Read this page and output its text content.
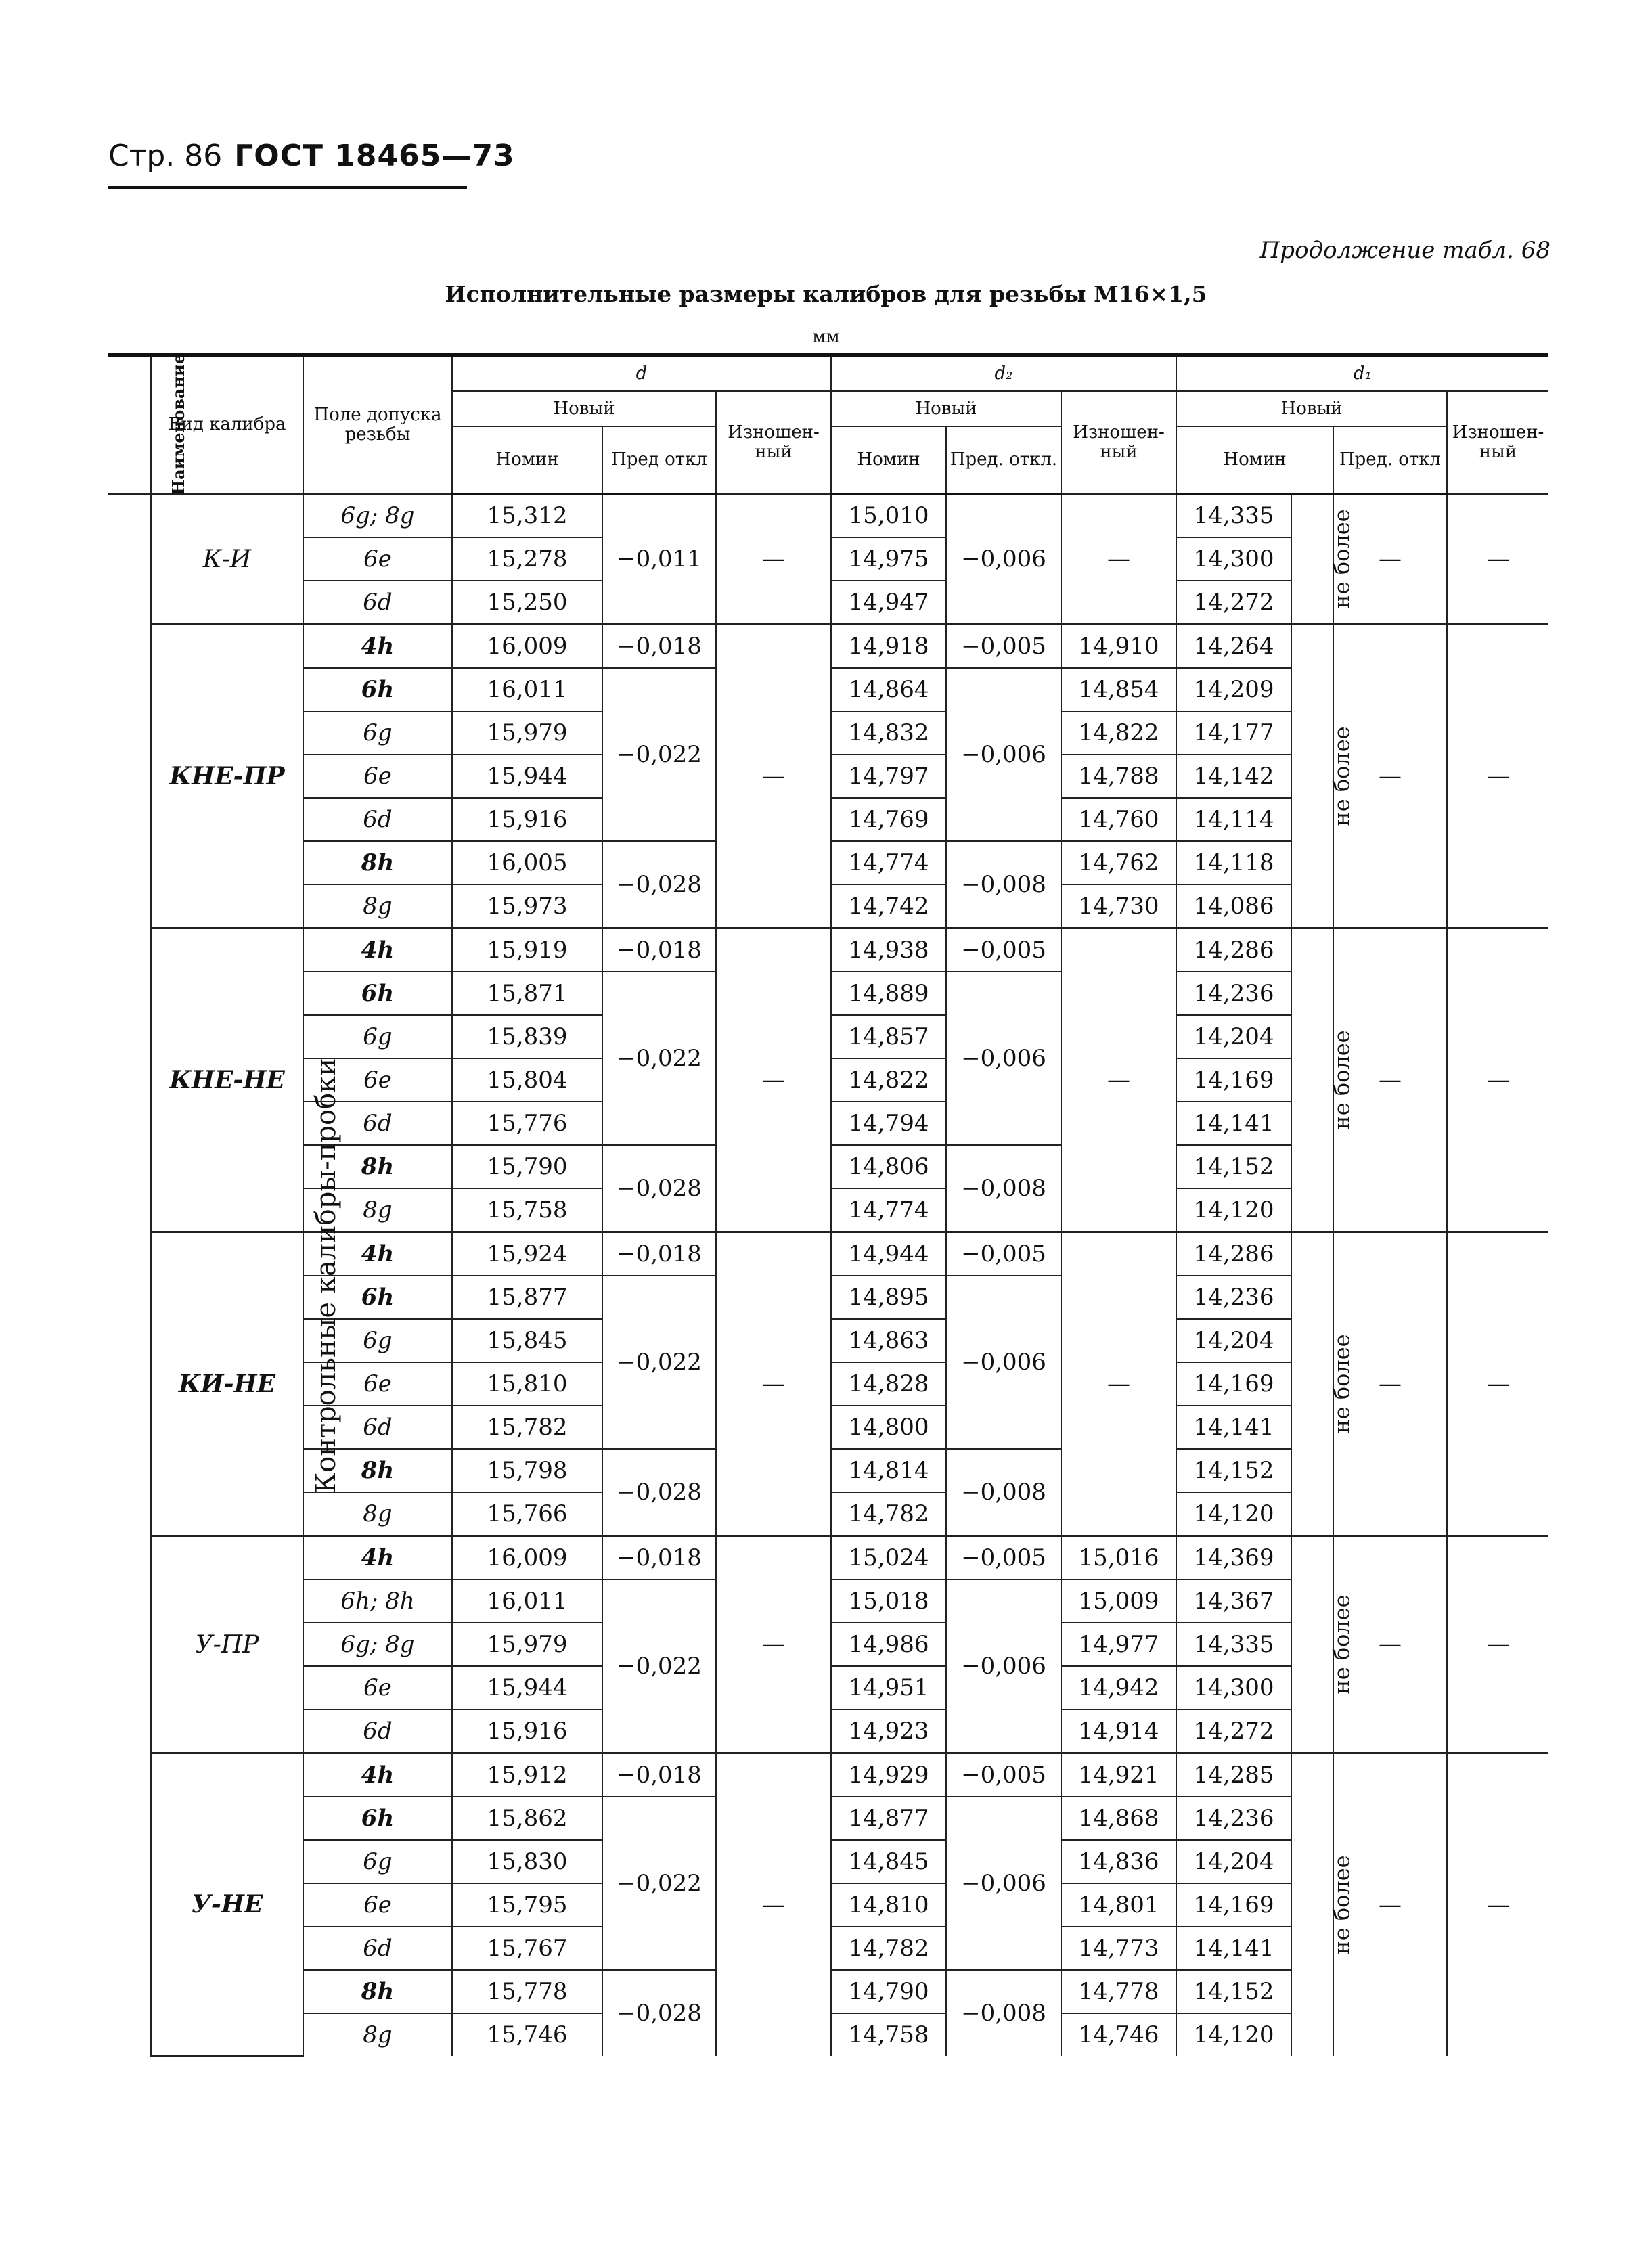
Стр. 86 ГОСТ 18465—73
Продолжение табл. 68
Исполнительные размеры калибров для резьбы M16×1,5
мм
Наименование	Вид калибра	Поле допуска резьбы	d			d₂			d₁			
			Новый		Изношен-ный	Новый		Изношен-ный	Новый			Изношен-ный
			Номин	Пред откл		Номин	Пред. откл.		Номин		Пред. откл	
Контрольные калибры-пробки	К-И	6g; 8g	15,312	−0,011	—	15,010	−0,006	—	14,335	не более	—	—
		6e	15,278			14,975			14,300			
		6d	15,250			14,947			14,272			
	КНЕ-ПР	4h	16,009	−0,018	—	14,918	−0,005	14,910	14,264	не более	—	—
		6h	16,011	−0,022		14,864	−0,006	14,854	14,209			
		6g	15,979			14,832		14,822	14,177			
		6e	15,944			14,797		14,788	14,142			
		6d	15,916			14,769		14,760	14,114			
		8h	16,005	−0,028		14,774	−0,008	14,762	14,118			
		8g	15,973			14,742		14,730	14,086			
	КНЕ-НЕ	4h	15,919	−0,018	—	14,938	−0,005	—	14,286	не более	—	—
		6h	15,871	−0,022		14,889	−0,006		14,236			
		6g	15,839			14,857			14,204			
		6e	15,804			14,822			14,169			
		6d	15,776			14,794			14,141			
		8h	15,790	−0,028		14,806	−0,008		14,152			
		8g	15,758			14,774			14,120			
	КИ-НЕ	4h	15,924	−0,018	—	14,944	−0,005	—	14,286	не более	—	—
		6h	15,877	−0,022		14,895	−0,006		14,236			
		6g	15,845			14,863			14,204			
		6e	15,810			14,828			14,169			
		6d	15,782			14,800			14,141			
		8h	15,798	−0,028		14,814	−0,008		14,152			
		8g	15,766			14,782			14,120			
	У-ПР	4h	16,009	−0,018	—	15,024	−0,005	15,016	14,369	не более	—	—
		6h; 8h	16,011	−0,022		15,018	−0,006	15,009	14,367			
		6g; 8g	15,979			14,986		14,977	14,335			
		6e	15,944			14,951		14,942	14,300			
		6d	15,916			14,923		14,914	14,272			
	У-НЕ	4h	15,912	−0,018	—	14,929	−0,005	14,921	14,285	не более	—	—
		6h	15,862	−0,022		14,877	−0,006	14,868	14,236			
		6g	15,830			14,845		14,836	14,204			
		6e	15,795			14,810		14,801	14,169			
		6d	15,767			14,782		14,773	14,141			
		8h	15,778	−0,028		14,790	−0,008	14,778	14,152			
		8g	15,746			14,758		14,746	14,120			
